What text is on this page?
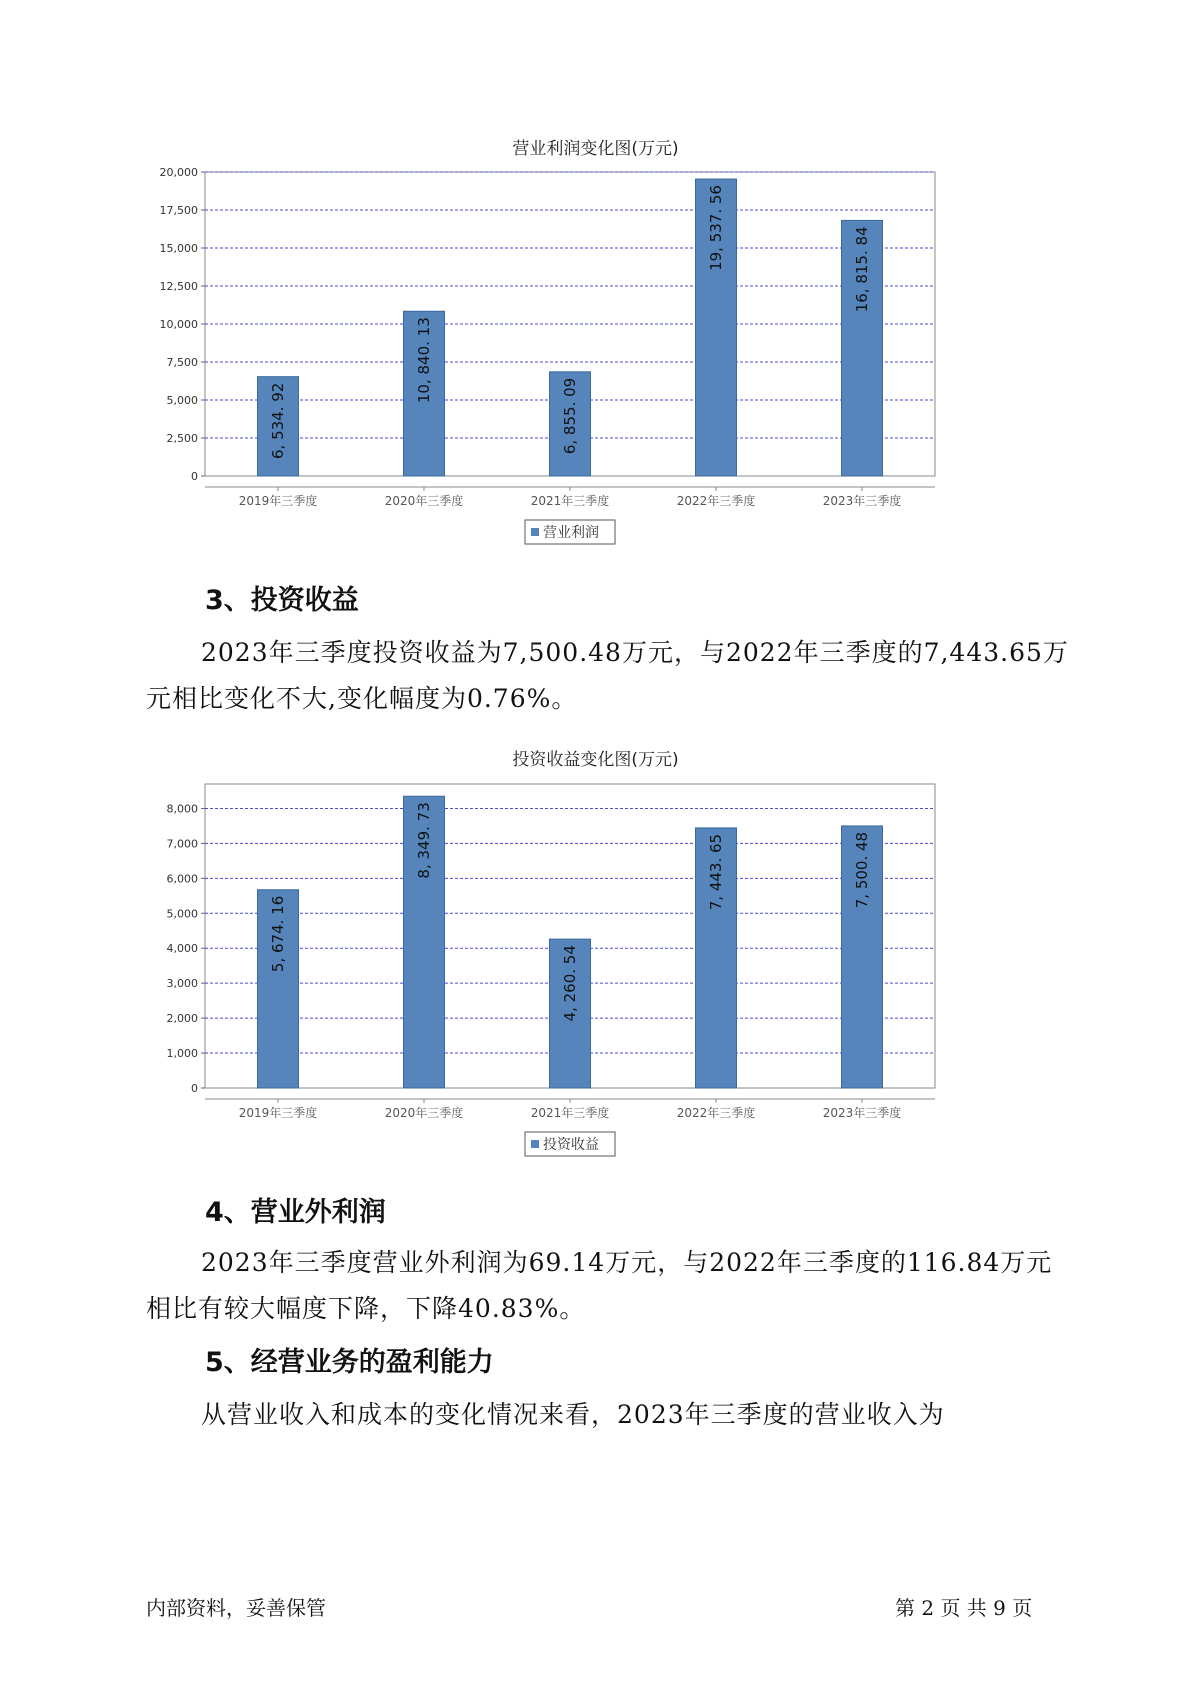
营业利润变化图(万元)
0
2,500
5,000
7,500
10,000
12,500
15,000
17,500
20,000
6, 534. 92
2019年三季度
10, 840. 13
2020年三季度
6, 855. 09
2021年三季度
19, 537. 56
2022年三季度
16, 815. 84
2023年三季度
营业利润
3、投资收益

2023年三季度投资收益为7,500.48万元，与2022年三季度的7,443.65万元相比变化不大,变化幅度为0.76%。

投资收益变化图(万元)
0
1,000
2,000
3,000
4,000
5,000
6,000
7,000
8,000
5, 674. 16
2019年三季度
8, 349. 73
2020年三季度
4, 260. 54
2021年三季度
7, 443. 65
2022年三季度
7, 500. 48
2023年三季度
投资收益
4、营业外利润

2023年三季度营业外利润为69.14万元，与2022年三季度的116.84万元相比有较大幅度下降，下降40.83%。

5、经营业务的盈利能力

从营业收入和成本的变化情况来看，2023年三季度的营业收入为

内部资料，妥善保管	第 2 页 共 9 页
